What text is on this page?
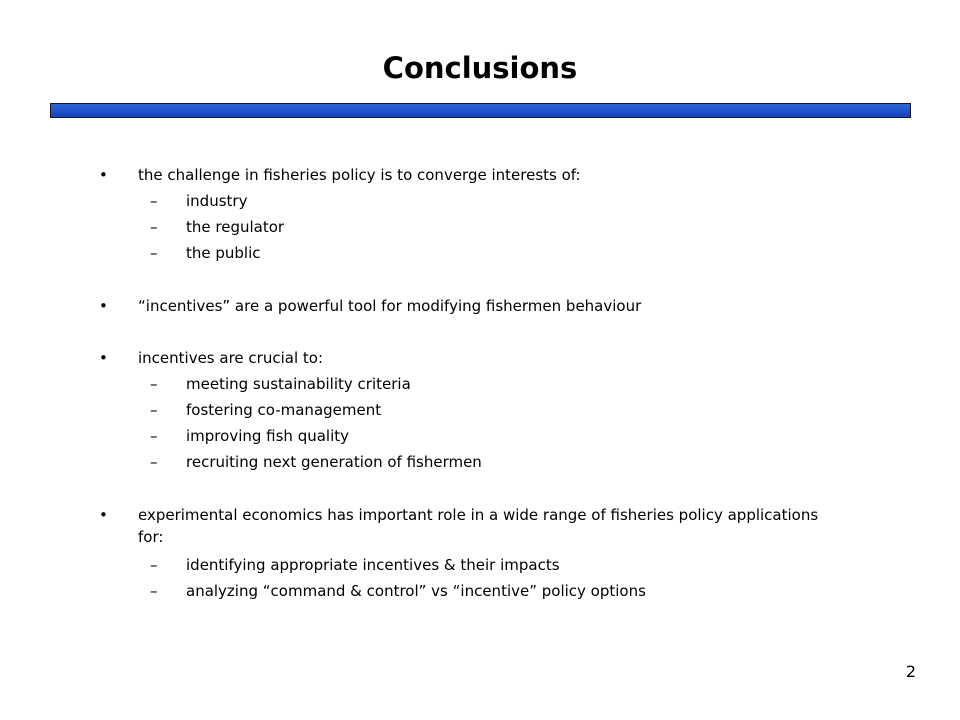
Conclusions
• the challenge in fisheries policy is to converge interests of:
–	industry
–	the regulator
–	the public
• “incentives” are a powerful tool for modifying fishermen behaviour
• incentives are crucial to:
–	meeting sustainability criteria
–	fostering co-management
–	improving fish quality
–	recruiting next generation of fishermen
• experimental economics has important role in a wide range of fisheries policy applications
for:
–	identifying appropriate incentives & their impacts
–	analyzing “command & control” vs “incentive” policy options
2
